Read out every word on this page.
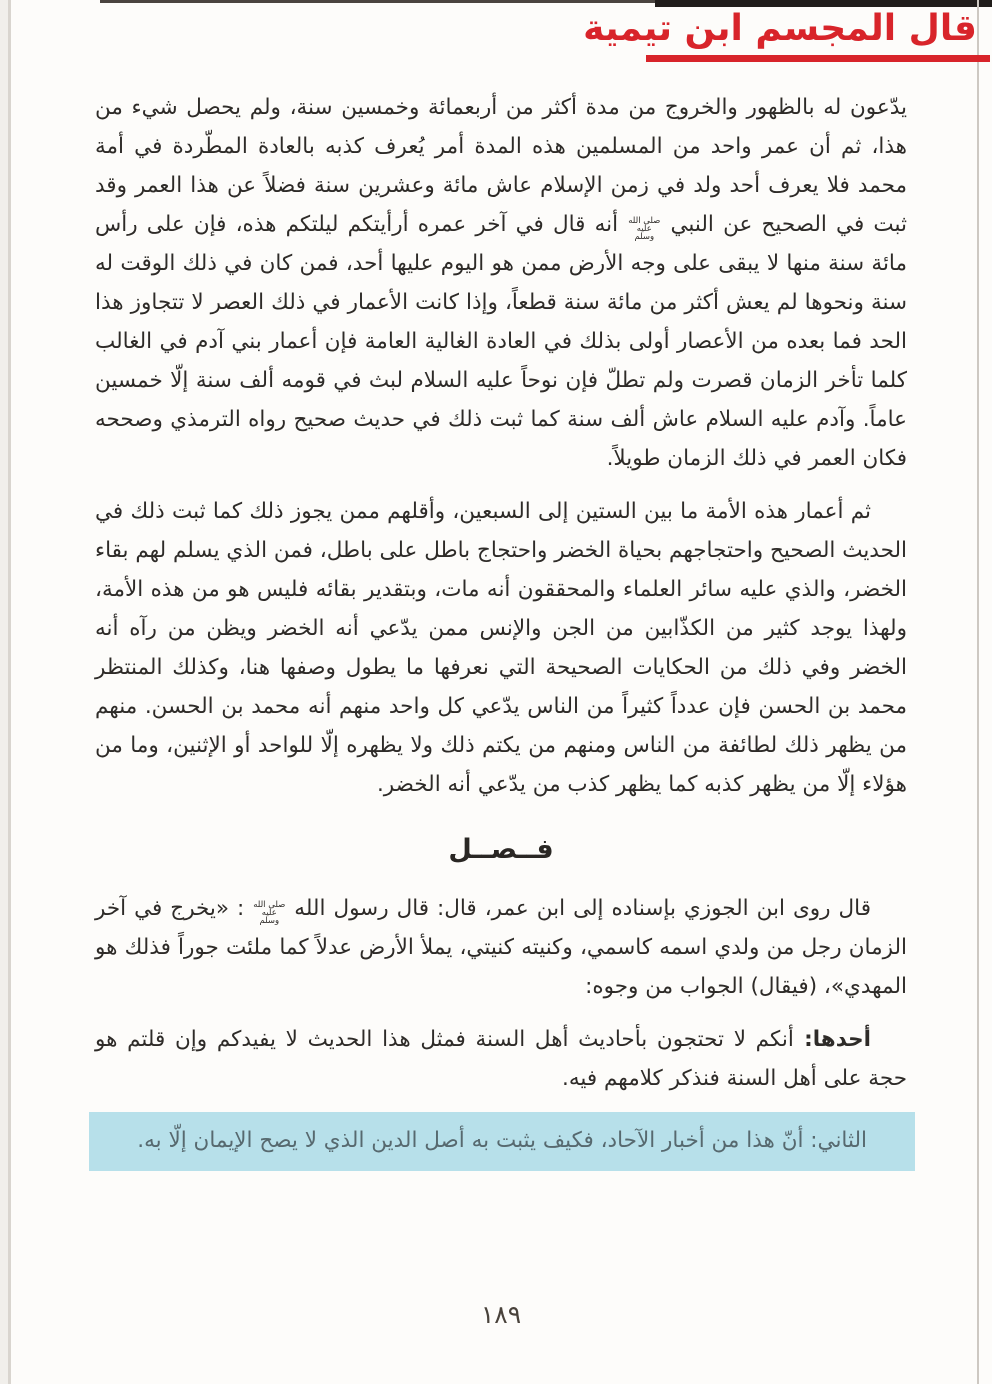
قال المجسم ابن تيمية

يدّعون له بالظهور والخروج من مدة أكثر من أربعمائة وخمسين سنة، ولم يحصل شيء من هذا، ثم أن عمر واحد من المسلمين هذه المدة أمر يُعرف كذبه بالعادة المطّردة في أمة محمد فلا يعرف أحد ولد في زمن الإسلام عاش مائة وعشرين سنة فضلاً عن هذا العمر وقد ثبت في الصحيح عن النبي صلى الله عليه وسلم أنه قال في آخر عمره أرأيتكم ليلتكم هذه، فإن على رأس مائة سنة منها لا يبقى على وجه الأرض ممن هو اليوم عليها أحد، فمن كان في ذلك الوقت له سنة ونحوها لم يعش أكثر من مائة سنة قطعاً، وإذا كانت الأعمار في ذلك العصر لا تتجاوز هذا الحد فما بعده من الأعصار أولى بذلك في العادة الغالية العامة فإن أعمار بني آدم في الغالب كلما تأخر الزمان قصرت ولم تطلّ فإن نوحاً عليه السلام لبث في قومه ألف سنة إلّا خمسين عاماً. وآدم عليه السلام عاش ألف سنة كما ثبت ذلك في حديث صحيح رواه الترمذي وصححه فكان العمر في ذلك الزمان طويلاً.

ثم أعمار هذه الأمة ما بين الستين إلى السبعين، وأقلهم ممن يجوز ذلك كما ثبت ذلك في الحديث الصحيح واحتجاجهم بحياة الخضر واحتجاج باطل على باطل، فمن الذي يسلم لهم بقاء الخضر، والذي عليه سائر العلماء والمحققون أنه مات، وبتقدير بقائه فليس هو من هذه الأمة، ولهذا يوجد كثير من الكذّابين من الجن والإنس ممن يدّعي أنه الخضر ويظن من رآه أنه الخضر وفي ذلك من الحكايات الصحيحة التي نعرفها ما يطول وصفها هنا، وكذلك المنتظر محمد بن الحسن فإن عدداً كثيراً من الناس يدّعي كل واحد منهم أنه محمد بن الحسن. منهم من يظهر ذلك لطائفة من الناس ومنهم من يكتم ذلك ولا يظهره إلّا للواحد أو الإثنين، وما من هؤلاء إلّا من يظهر كذبه كما يظهر كذب من يدّعي أنه الخضر.

فــصــل

قال روى ابن الجوزي بإسناده إلى ابن عمر، قال: قال رسول الله صلى الله عليه وسلم : «يخرج في آخر الزمان رجل من ولدي اسمه كاسمي، وكنيته كنيتي، يملأ الأرض عدلاً كما ملئت جوراً فذلك هو المهدي»، (فيقال) الجواب من وجوه:

أحدها: أنكم لا تحتجون بأحاديث أهل السنة فمثل هذا الحديث لا يفيدكم وإن قلتم هو حجة على أهل السنة فنذكر كلامهم فيه.

الثاني: أنّ هذا من أخبار الآحاد، فكيف يثبت به أصل الدين الذي لا يصح الإيمان إلّا به.

١٨٩
